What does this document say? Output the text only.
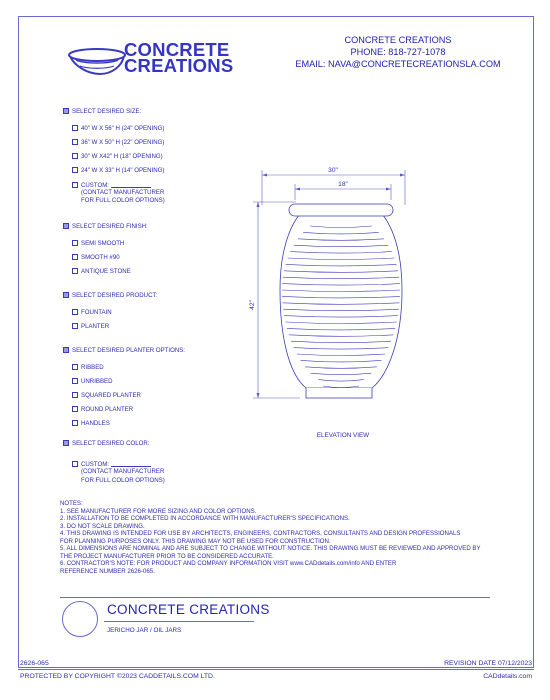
CONCRETE
CREATIONS
CONCRETE CREATIONS
PHONE: 818-727-1078
EMAIL: NAVA@CONCRETECREATIONSLA.COM
SELECT DESIRED SIZE:
40" W X 56" H (24" OPENING)
36" W X 50" H (22" OPENING)
30" W X42" H (18" OPENING)
24" W X 33" H (14" OPENING)
CUSTOM:
(CONTACT MANUFACTURER
FOR FULL COLOR OPTIONS)
SELECT DESIRED FINISH:
SEMI SMOOTH
SMOOTH #90
ANTIQUE STONE
SELECT DESIRED PRODUCT:
FOUNTAIN
PLANTER
SELECT DESIRED PLANTER OPTIONS:
RIBBED
UNRIBBED
SQUARED PLANTER
ROUND PLANTER
HANDLES
SELECT DESIRED COLOR:
CUSTOM:
(CONTACT MANUFACTURER
FOR FULL COLOR OPTIONS)
30"
18"
42"
ELEVATION VIEW
NOTES:
1. SEE MANUFACTURER FOR MORE SIZING AND COLOR OPTIONS.
2. INSTALLATION TO BE COMPLETED IN ACCORDANCE WITH MANUFACTURER'S SPECIFICATIONS.
3. DO NOT SCALE DRAWING.
4. THIS DRAWING IS INTENDED FOR USE BY ARCHITECTS, ENGINEERS, CONTRACTORS, CONSULTANTS AND DESIGN PROFESSIONALS
FOR PLANNING PURPOSES ONLY. THIS DRAWING MAY NOT BE USED FOR CONSTRUCTION.
5. ALL DIMENSIONS ARE NOMINAL AND ARE SUBJECT TO CHANGE WITHOUT NOTICE. THIS DRAWING MUST BE REVIEWED AND APPROVED BY
THE PROJECT MANUFACTURER PRIOR TO BE CONSIDERED ACCURATE.
6. CONTRACTOR'S NOTE: FOR PRODUCT AND COMPANY INFORMATION VISIT www.CADdetails.com/info AND ENTER
REFERENCE NUMBER 2626-065.
CONCRETE CREATIONS
JERICHO JAR / OIL JARS
2626-065	REVISION DATE 07/12/2023
PROTECTED BY COPYRIGHT ©2023 CADDETAILS.COM LTD.	CADdetails.com
